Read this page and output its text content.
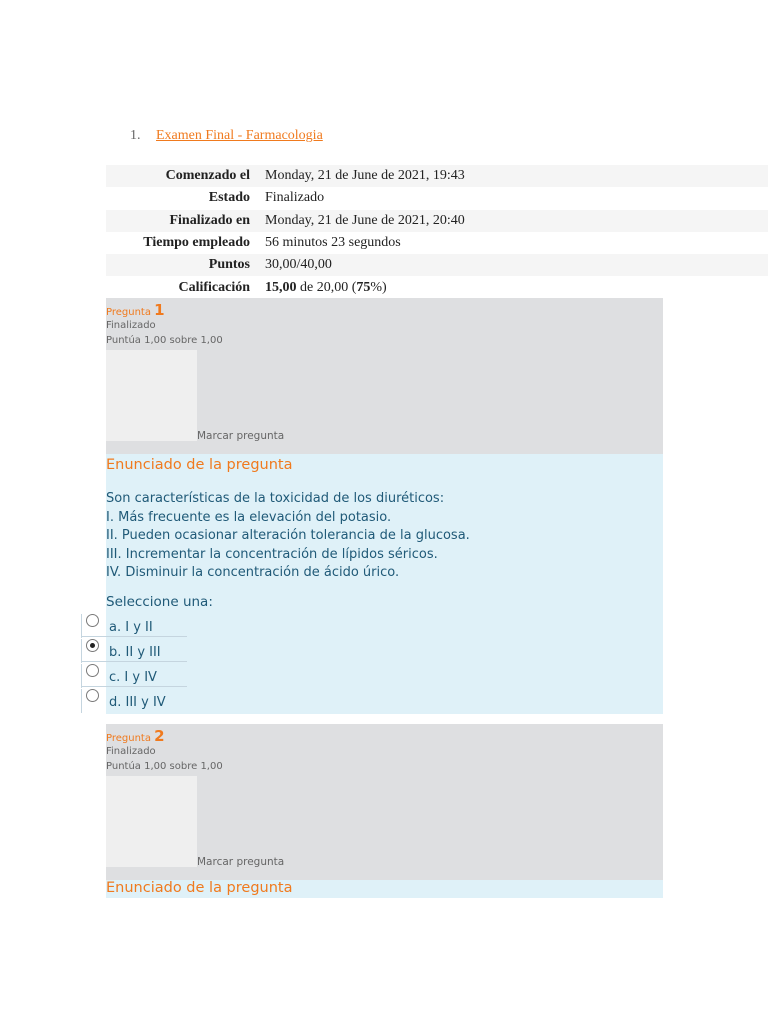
1. Examen Final - Farmacologia
Comenzado el	Monday, 21 de June de 2021, 19:43
Estado	Finalizado
Finalizado en	Monday, 21 de June de 2021, 20:40
Tiempo empleado	56 minutos 23 segundos
Puntos	30,00/40,00
Calificación	15,00 de 20,00 (75%)
Pregunta 1
Finalizado
Puntúa 1,00 sobre 1,00
Marcar pregunta
Enunciado de la pregunta
Son características de la toxicidad de los diuréticos:
I. Más frecuente es la elevación del potasio.
II. Pueden ocasionar alteración tolerancia de la glucosa.
III. Incrementar la concentración de lípidos séricos.
IV. Disminuir la concentración de ácido úrico.
Seleccione una:
a. I y II
b. II y III
c. I y IV
d. III y IV
Pregunta 2
Finalizado
Puntúa 1,00 sobre 1,00
Marcar pregunta
Enunciado de la pregunta
